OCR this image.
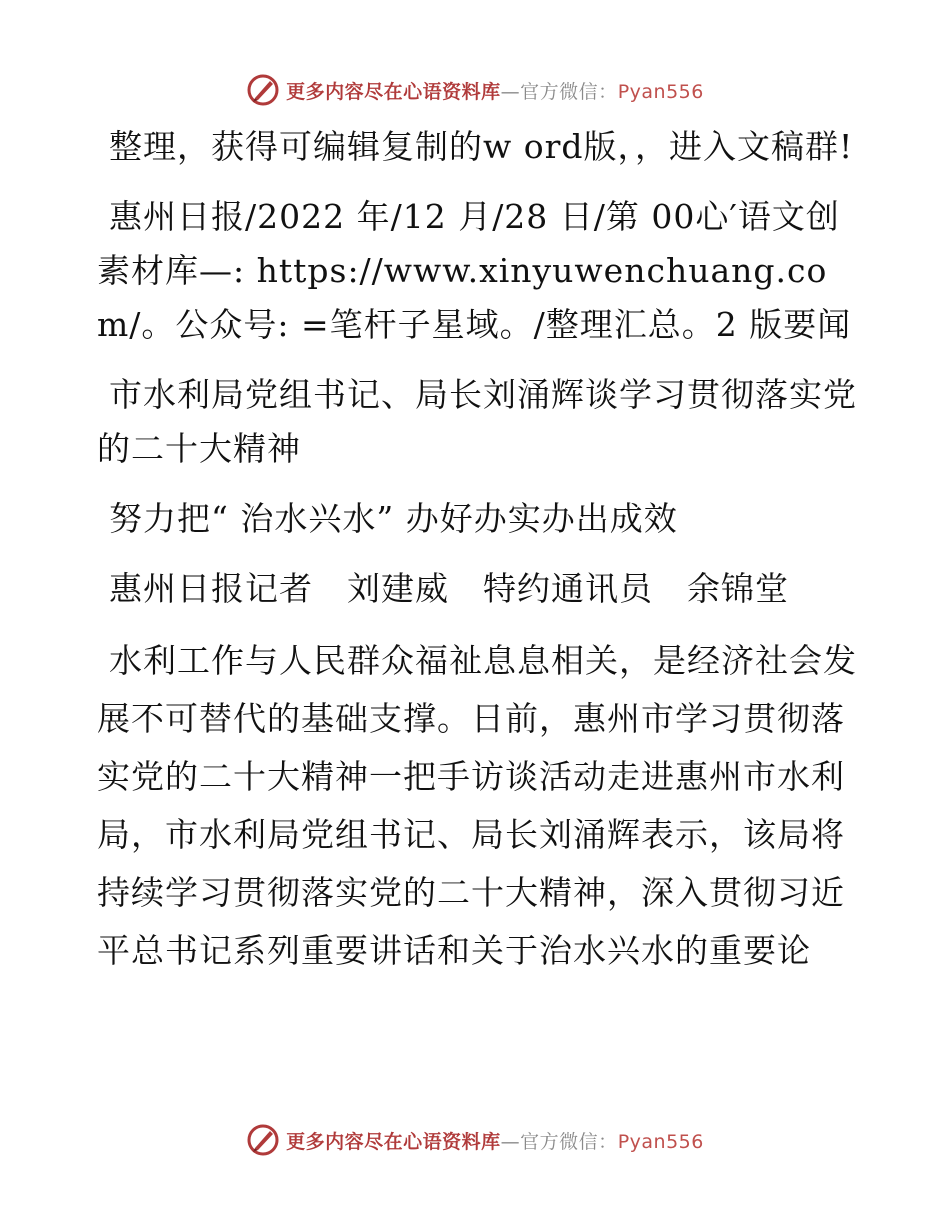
更多内容尽在心语资料库—官方微信：Pyan556

整理，获得可编辑复制的w ord版，，进入文稿群!

惠州日报/2022 年/12 月/28 日/第 00心′语文创素材库—: https://www.xinyuwenchuang.com/。公众号: =笔杆子星域。/整理汇总。2 版要闻

市水利局党组书记、局长刘涌辉谈学习贯彻落实党的二十大精神

努力把“ 治水兴水” 办好办实办出成效

惠州日报记者　刘建威　特约通讯员　余锦堂

水利工作与人民群众福祉息息相关，是经济社会发展不可替代的基础支撑。日前，惠州市学习贯彻落实党的二十大精神一把手访谈活动走进惠州市水利局，市水利局党组书记、局长刘涌辉表示，该局将持续学习贯彻落实党的二十大精神，深入贯彻习近平总书记系列重要讲话和关于治水兴水的重要论

更多内容尽在心语资料库—官方微信：Pyan556
